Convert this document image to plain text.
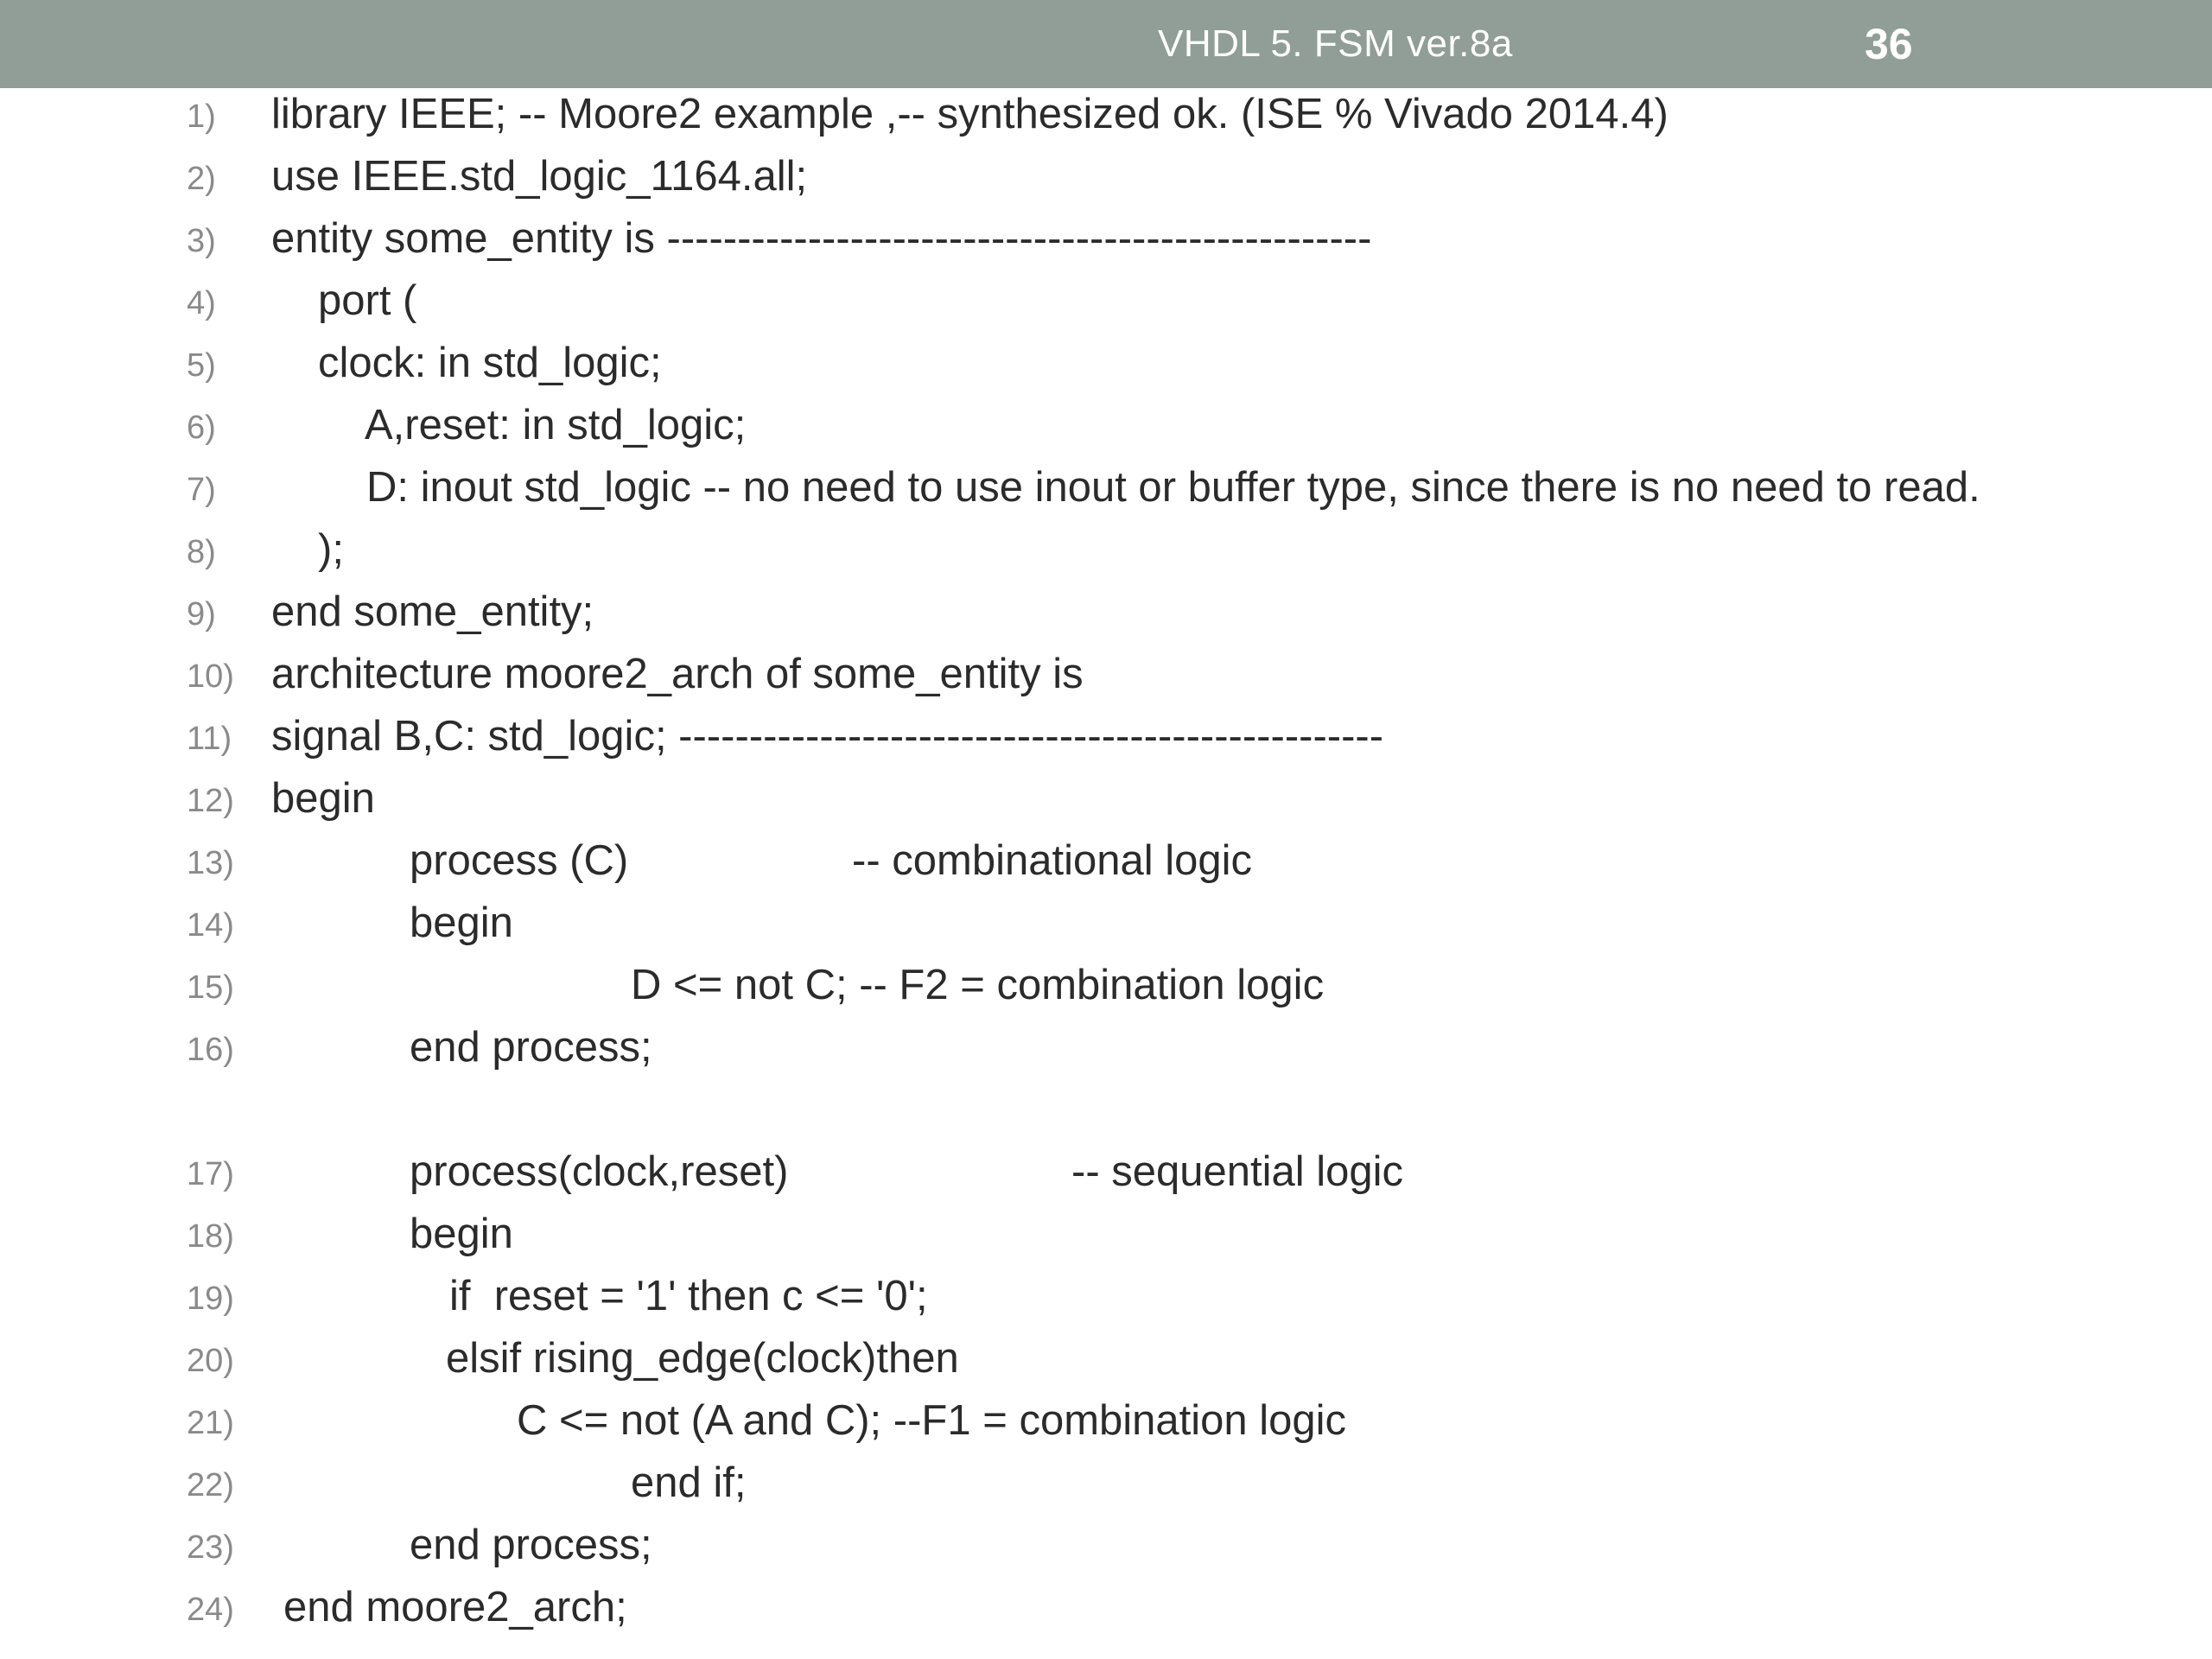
VHDL 5. FSM ver.8a	36
1) library IEEE; -- Moore2 example ,-- synthesized ok. (ISE % Vivado 2014.4)
2) use IEEE.std_logic_1164.all;
3) entity some_entity is --------------------------------------------------
4) port (
5) clock: in std_logic;
6)	A,reset: in std_logic;
7)	D: inout std_logic -- no need to use inout or buffer type, since there is no need to read.
8) );
9) end some_entity;
10) architecture moore2_arch of some_entity is
11) signal B,C: std_logic; --------------------------------------------------
12) begin
13)	process (C)	-- combinational logic
14)	begin
15)	D <= not C; -- F2 = combination logic
16)	end process;
17)	process(clock,reset)	-- sequential logic
18)	begin
19)	if  reset = '1' then c <= '0';
20)	elsif rising_edge(clock)then
21)	C <= not (A and C); --F1 = combination logic
22)	end if;
23)	end process;
24) end moore2_arch;
